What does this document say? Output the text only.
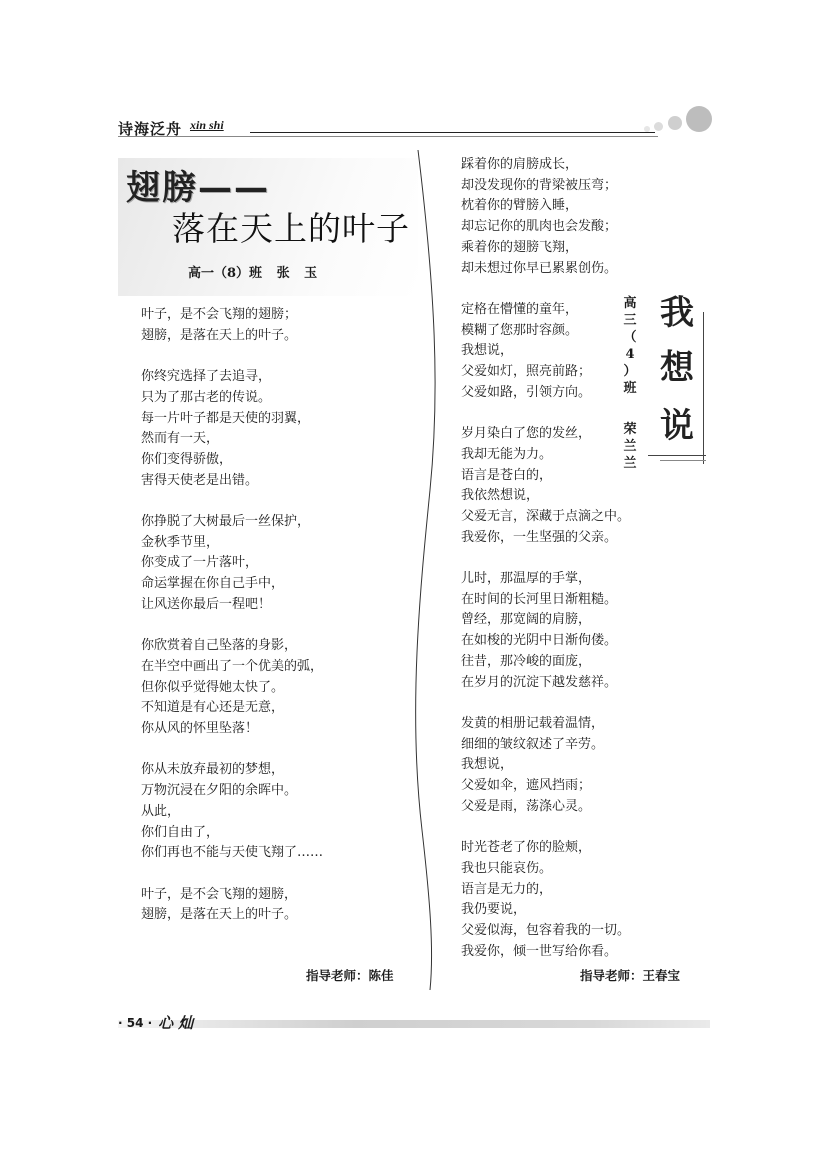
诗海泛舟 xin shi
翅膀——
落在天上的叶子
高一（8）班 张 玉
叶子，是不会飞翔的翅膀；
翅膀，是落在天上的叶子。

你终究选择了去追寻，
只为了那古老的传说。
每一片叶子都是天使的羽翼，
然而有一天，
你们变得骄傲，
害得天使老是出错。

你挣脱了大树最后一丝保护，
金秋季节里，
你变成了一片落叶，
命运掌握在你自己手中，
让风送你最后一程吧！

你欣赏着自己坠落的身影，
在半空中画出了一个优美的弧，
但你似乎觉得她太快了。
不知道是有心还是无意，
你从风的怀里坠落！

你从未放弃最初的梦想，
万物沉浸在夕阳的余晖中。
从此，
你们自由了，
你们再也不能与天使飞翔了……

叶子，是不会飞翔的翅膀，
翅膀，是落在天上的叶子。
指导老师：陈佳
踩着你的肩膀成长，
却没发现你的背梁被压弯；
枕着你的臂膀入睡，
却忘记你的肌肉也会发酸；
乘着你的翅膀飞翔，
却未想过你早已累累创伤。

定格在懵懂的童年，
模糊了您那时容颜。
我想说，
父爱如灯，照亮前路；
父爱如路，引领方向。

岁月染白了您的发丝，
我却无能为力。
语言是苍白的，
我依然想说，
父爱无言，深藏于点滴之中。
我爱你，一生坚强的父亲。

儿时，那温厚的手掌，
在时间的长河里日渐粗糙。
曾经，那宽阔的肩膀，
在如梭的光阴中日渐佝偻。
往昔，那冷峻的面庞，
在岁月的沉淀下越发慈祥。

发黄的相册记载着温情，
细细的皱纹叙述了辛劳。
我想说，
父爱如伞，遮风挡雨；
父爱是雨，荡涤心灵。

时光苍老了你的脸颊，
我也只能哀伤。
语言是无力的，
我仍要说，
父爱似海，包容着我的一切。
我爱你，倾一世写给你看。
我
想
说
高
三
（
4
）
班
荣
兰
兰
指导老师：王春宝
· 54 · 心 灿
